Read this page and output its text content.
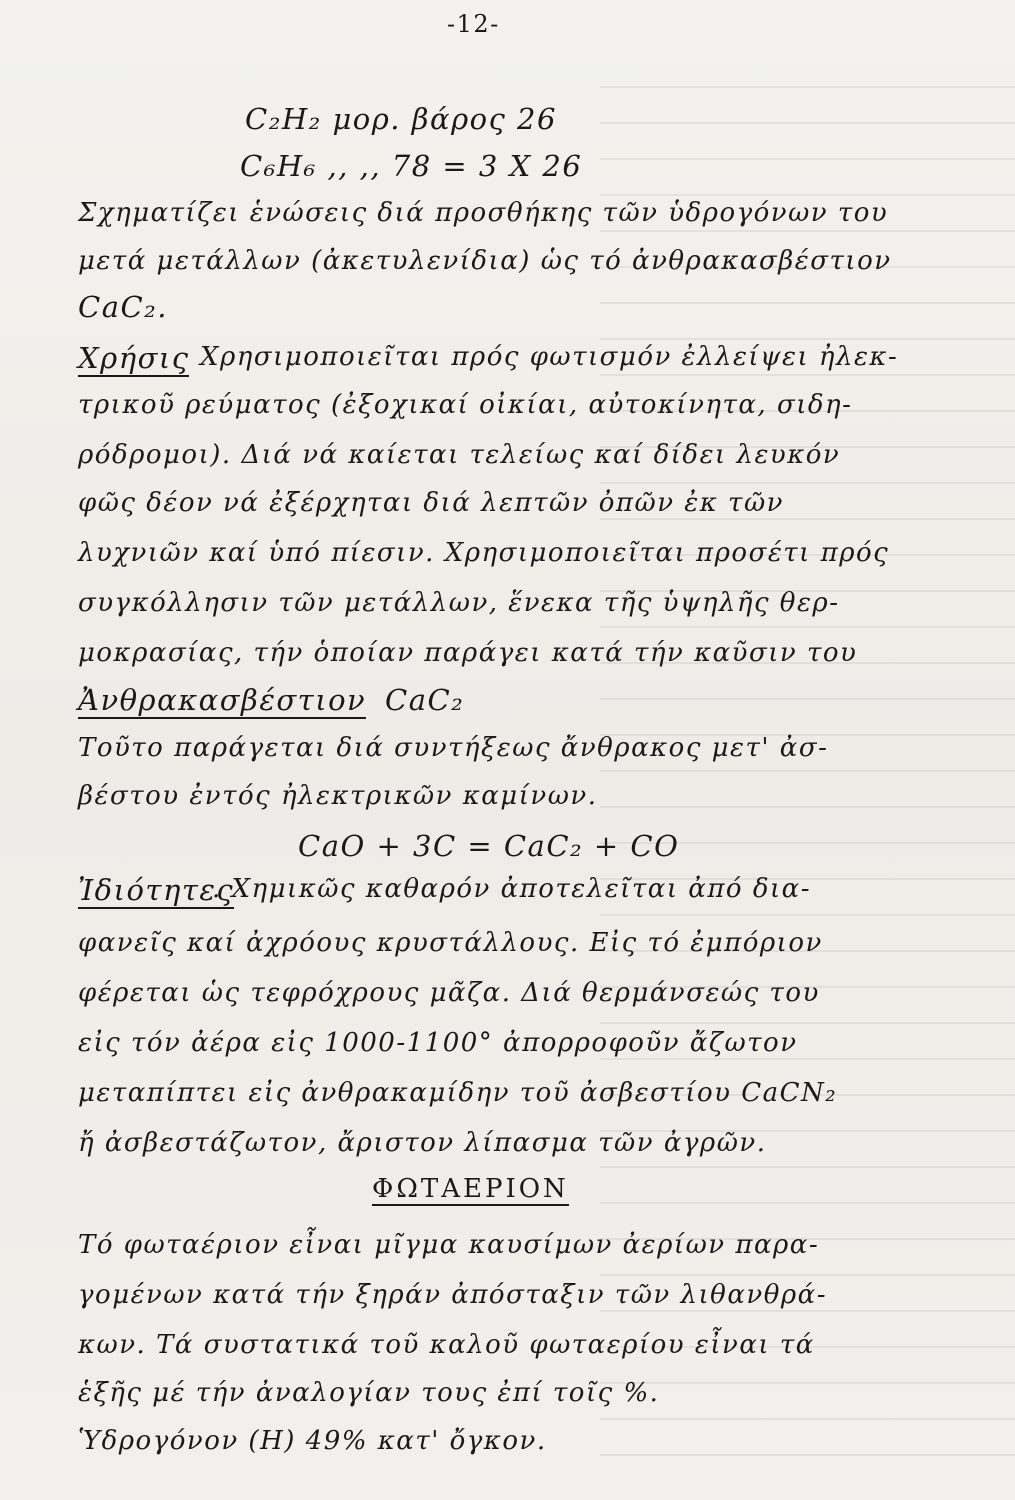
-12-
C₂H₂ μορ. βάρος 26
C₆H₆ ,, ,, 78 = 3 X 26
Σχηματίζει ἑνώσεις διά προσθήκης τῶν ὑδρογόνων του
μετά μετάλλων (ἀκετυλενίδια) ὡς τό ἀνθρακασβέστιον
CaC₂.
Χρήσις Χρησιμοποιεῖται πρός φωτισμόν ἐλλείψει ἠλεκ-
τρικοῦ ρεύματος (ἐξοχικαί οἰκίαι, αὐτοκίνητα, σιδη-
ρόδρομοι). Διά νά καίεται τελείως καί δίδει λευκόν
φῶς δέον νά ἐξέρχηται διά λεπτῶν ὀπῶν ἐκ τῶν
λυχνιῶν καί ὑπό πίεσιν. Χρησιμοποιεῖται προσέτι πρός
συγκόλλησιν τῶν μετάλλων, ἕνεκα τῆς ὑψηλῆς θερ-
μοκρασίας, τήν ὁποίαν παράγει κατά τήν καῦσιν του
Ἀνθρακασβέστιον CaC₂
Τοῦτο παράγεται διά συντήξεως ἄνθρακος μετ' ἀσ-
βέστου ἐντός ἠλεκτρικῶν καμίνων.
CaO + 3C = CaC₂ + CO
Ἰδιότητες
. Χημικῶς καθαρόν ἀποτελεῖται ἀπό δια-
φανεῖς καί ἀχρόους κρυστάλλους. Εἰς τό ἐμπόριον
φέρεται ὡς τεφρόχρους μᾶζα. Διά θερμάνσεώς του
εἰς τόν ἀέρα εἰς 1000-1100° ἀπορροφοῦν ἄζωτον
μεταπίπτει εἰς ἀνθρακαμίδην τοῦ ἀσβεστίου CaCN₂
ἤ ἀσβεστάζωτον, ἄριστον λίπασμα τῶν ἀγρῶν.
ΦΩΤΑΕΡΙΟΝ
Τό φωταέριον εἶναι μῖγμα καυσίμων ἀερίων παρα-
γομένων κατά τήν ξηράν ἀπόσταξιν τῶν λιθανθρά-
κων. Τά συστατικά τοῦ καλοῦ φωταερίου εἶναι τά
ἑξῆς μέ τήν ἀναλογίαν τους ἐπί τοῖς %.
Ὑδρογόνον (H) 49% κατ' ὄγκον.
